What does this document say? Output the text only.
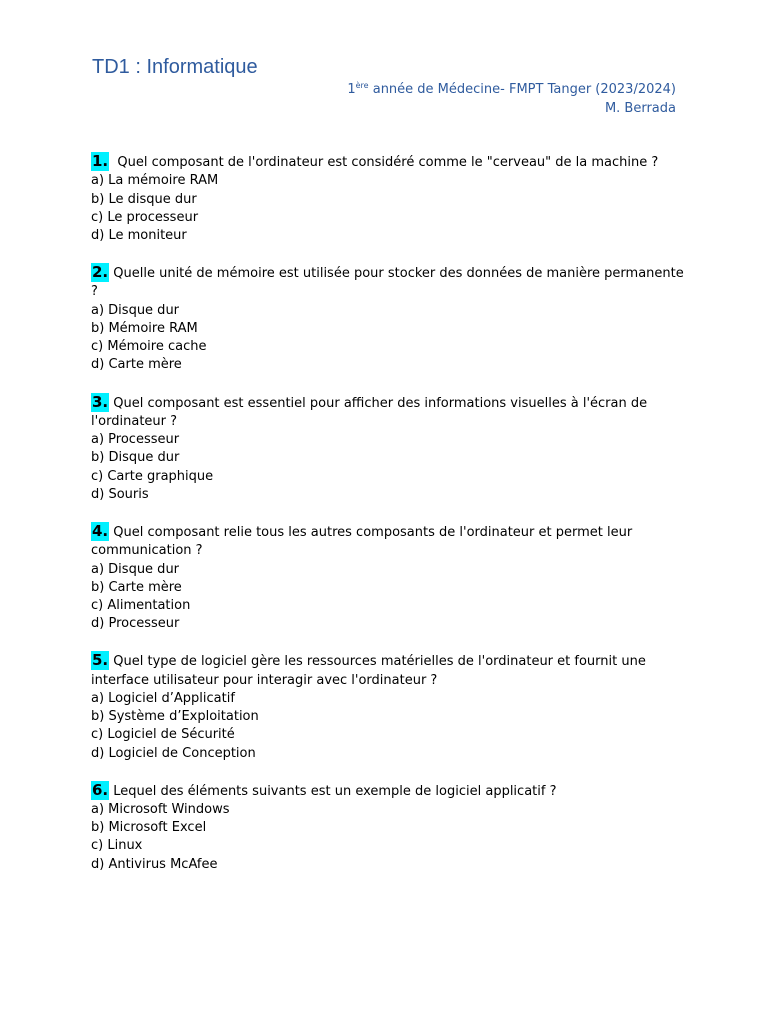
TD1 : Informatique
1ère année de Médecine- FMPT Tanger (2023/2024)
M. Berrada
1.  Quel composant de l'ordinateur est considéré comme le "cerveau" de la machine ?
a) La mémoire RAM
b) Le disque dur
c) Le processeur
d) Le moniteur
2. Quelle unité de mémoire est utilisée pour stocker des données de manière permanente ?
a) Disque dur
b) Mémoire RAM
c) Mémoire cache
d) Carte mère
3. Quel composant est essentiel pour afficher des informations visuelles à l'écran de l'ordinateur ?
a) Processeur
b) Disque dur
c) Carte graphique
d) Souris
4. Quel composant relie tous les autres composants de l'ordinateur et permet leur communication ?
a) Disque dur
b) Carte mère
c) Alimentation
d) Processeur
5. Quel type de logiciel gère les ressources matérielles de l'ordinateur et fournit une interface utilisateur pour interagir avec l'ordinateur ?
a) Logiciel d’Applicatif
b) Système d’Exploitation
c) Logiciel de Sécurité
d) Logiciel de Conception
6. Lequel des éléments suivants est un exemple de logiciel applicatif ?
a) Microsoft Windows
b) Microsoft Excel
c) Linux
d) Antivirus McAfee
